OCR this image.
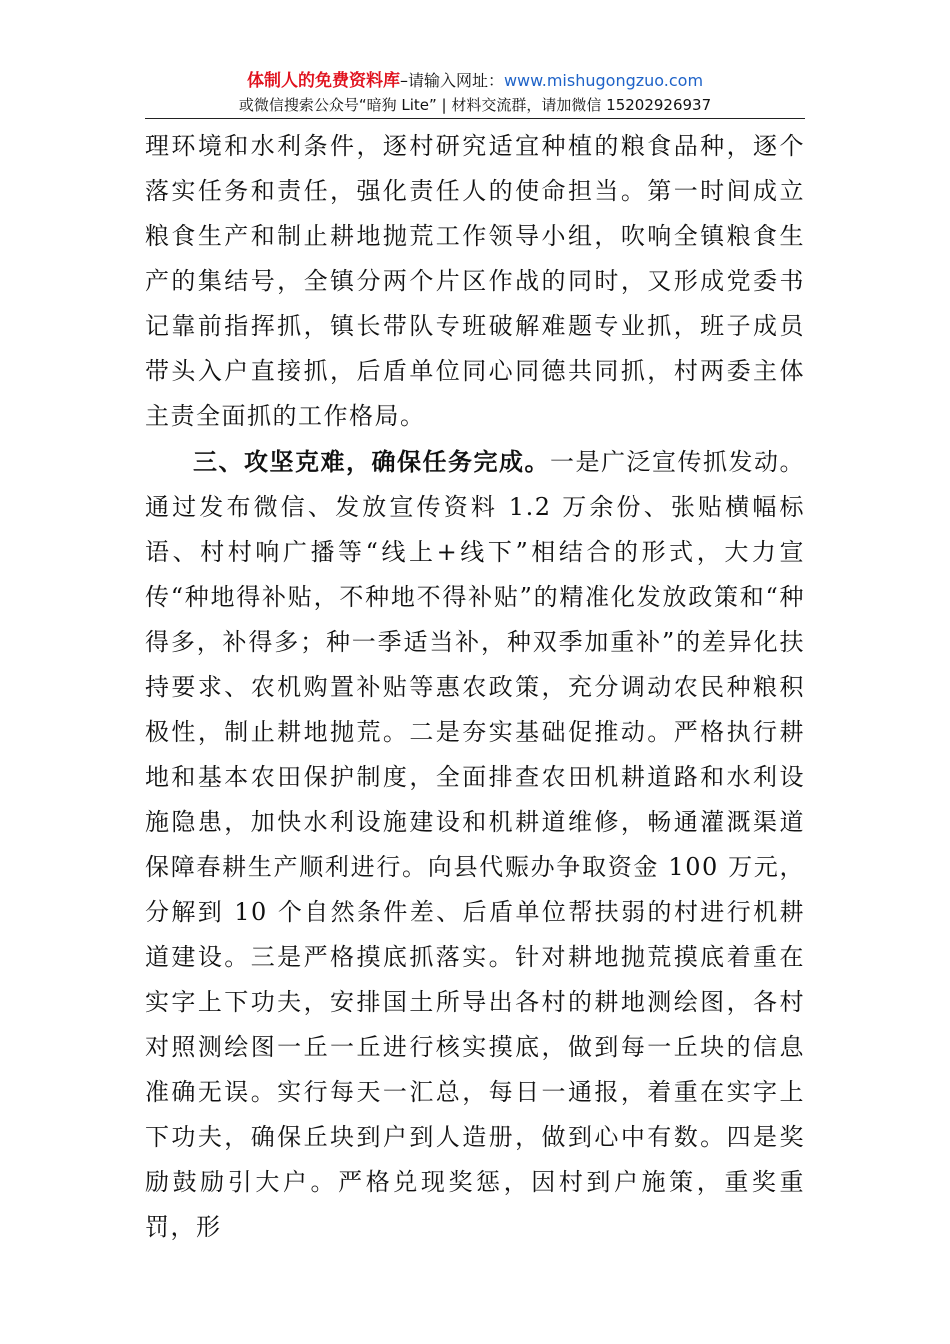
体制人的免费资料库–请输入网址：www.mishugongzuo.com
或微信搜索公众号“暗狗 Lite” | 材料交流群，请加微信 15202926937

理环境和水利条件，逐村研究适宜种植的粮食品种，逐个落实任务和责任，强化责任人的使命担当。第一时间成立粮食生产和制止耕地抛荒工作领导小组，吹响全镇粮食生产的集结号，全镇分两个片区作战的同时，又形成党委书记靠前指挥抓，镇长带队专班破解难题专业抓，班子成员带头入户直接抓，后盾单位同心同德共同抓，村两委主体主责全面抓的工作格局。

三、攻坚克难，确保任务完成。一是广泛宣传抓发动。通过发布微信、发放宣传资料 1.2 万余份、张贴横幅标语、村村响广播等“线上+线下”相结合的形式，大力宣传“种地得补贴，不种地不得补贴”的精准化发放政策和“种得多，补得多；种一季适当补，种双季加重补”的差异化扶持要求、农机购置补贴等惠农政策，充分调动农民种粮积极性，制止耕地抛荒。二是夯实基础促推动。严格执行耕地和基本农田保护制度，全面排查农田机耕道路和水利设施隐患，加快水利设施建设和机耕道维修，畅通灌溉渠道保障春耕生产顺利进行。向县代赈办争取资金 100 万元，分解到 10 个自然条件差、后盾单位帮扶弱的村进行机耕道建设。三是严格摸底抓落实。针对耕地抛荒摸底着重在实字上下功夫，安排国土所导出各村的耕地测绘图，各村对照测绘图一丘一丘进行核实摸底，做到每一丘块的信息准确无误。实行每天一汇总，每日一通报，着重在实字上下功夫，确保丘块到户到人造册，做到心中有数。四是奖励鼓励引大户。严格兑现奖惩，因村到户施策，重奖重罚，形
